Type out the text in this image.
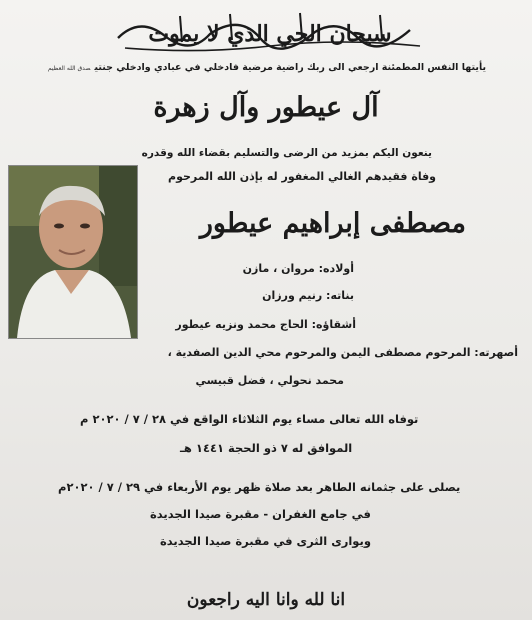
سبحان الحي الذي لا يموت
يأيتها النفس المطمئنة ارجعي الى ربك راضية مرضية فادخلي في عبادي وادخلي جنتيصدق الله العظيم
آل عيطور وآل زهرة
ينعون اليكم بمزيد من الرضى والتسليم بقضاء الله وقدره
وفاة فقيدهم الغالي المغفور له بإذن الله المرحوم
مصطفى إبراهيم عيطور
أولاده: مروان ، مازن
بناته: رنيم ورزان
أشقاؤه: الحاج محمد ونزيه عيطور
أصهرته: المرحوم مصطفى اليمن والمرحوم محي الدين الصفدية ،
محمد نحولي ، فضل قبيسي
توفاه الله تعالى مساء يوم الثلاثاء الواقع في ٢٨ / ٧ / ٢٠٢٠ م
الموافق له ٧ ذو الحجة ١٤٤١ هـ
يصلى على جثمانه الطاهر بعد صلاة ظهر يوم الأربعاء في ٢٩ / ٧ / ٢٠٢٠م
في جامع الغفران - مقبرة صيدا الجديدة
ويوارى الثرى في مقبرة صيدا الجديدة
انا لله وانا اليه راجعون
